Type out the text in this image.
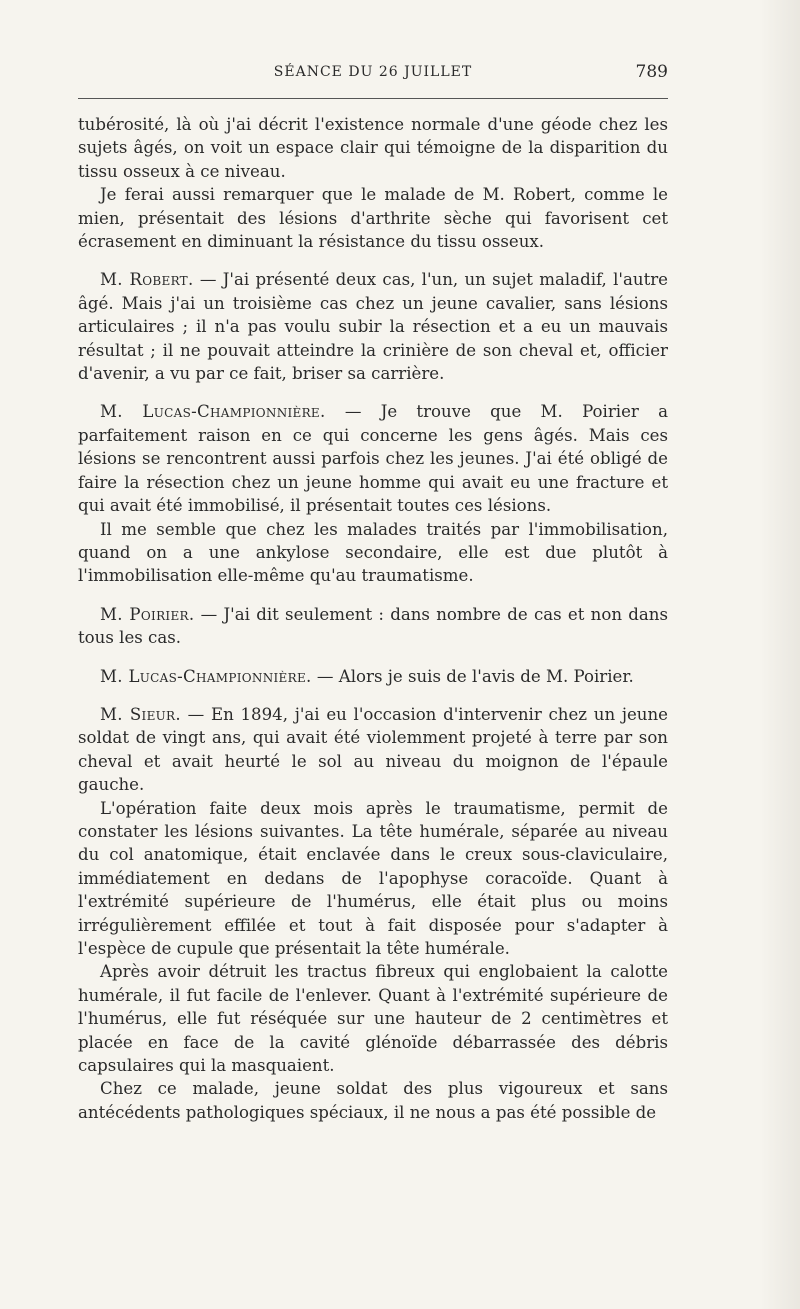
SÉANCE DU 26 JUILLET	789

tubérosité, là où j'ai décrit l'existence normale d'une géode chez les sujets âgés, on voit un espace clair qui témoigne de la disparition du tissu osseux à ce niveau.

Je ferai aussi remarquer que le malade de M. Robert, comme le mien, présentait des lésions d'arthrite sèche qui favorisent cet écrasement en diminuant la résistance du tissu osseux.

M. Robert. — J'ai présenté deux cas, l'un, un sujet maladif, l'autre âgé. Mais j'ai un troisième cas chez un jeune cavalier, sans lésions articulaires ; il n'a pas voulu subir la résection et a eu un mauvais résultat ; il ne pouvait atteindre la crinière de son cheval et, officier d'avenir, a vu par ce fait, briser sa carrière.

M. Lucas-Championnière. — Je trouve que M. Poirier a parfaitement raison en ce qui concerne les gens âgés. Mais ces lésions se rencontrent aussi parfois chez les jeunes. J'ai été obligé de faire la résection chez un jeune homme qui avait eu une fracture et qui avait été immobilisé, il présentait toutes ces lésions.

Il me semble que chez les malades traités par l'immobilisation, quand on a une ankylose secondaire, elle est due plutôt à l'immobilisation elle-même qu'au traumatisme.

M. Poirier. — J'ai dit seulement : dans nombre de cas et non dans tous les cas.

M. Lucas-Championnière. — Alors je suis de l'avis de M. Poirier.

M. Sieur. — En 1894, j'ai eu l'occasion d'intervenir chez un jeune soldat de vingt ans, qui avait été violemment projeté à terre par son cheval et avait heurté le sol au niveau du moignon de l'épaule gauche.

L'opération faite deux mois après le traumatisme, permit de constater les lésions suivantes. La tête humérale, séparée au niveau du col anatomique, était enclavée dans le creux sous-claviculaire, immédiatement en dedans de l'apophyse coracoïde. Quant à l'extrémité supérieure de l'humérus, elle était plus ou moins irrégulièrement effilée et tout à fait disposée pour s'adapter à l'espèce de cupule que présentait la tête humérale.

Après avoir détruit les tractus fibreux qui englobaient la calotte humérale, il fut facile de l'enlever. Quant à l'extrémité supérieure de l'humérus, elle fut réséquée sur une hauteur de 2 centimètres et placée en face de la cavité glénoïde débarrassée des débris capsulaires qui la masquaient.

Chez ce malade, jeune soldat des plus vigoureux et sans antécédents pathologiques spéciaux, il ne nous a pas été possible de
